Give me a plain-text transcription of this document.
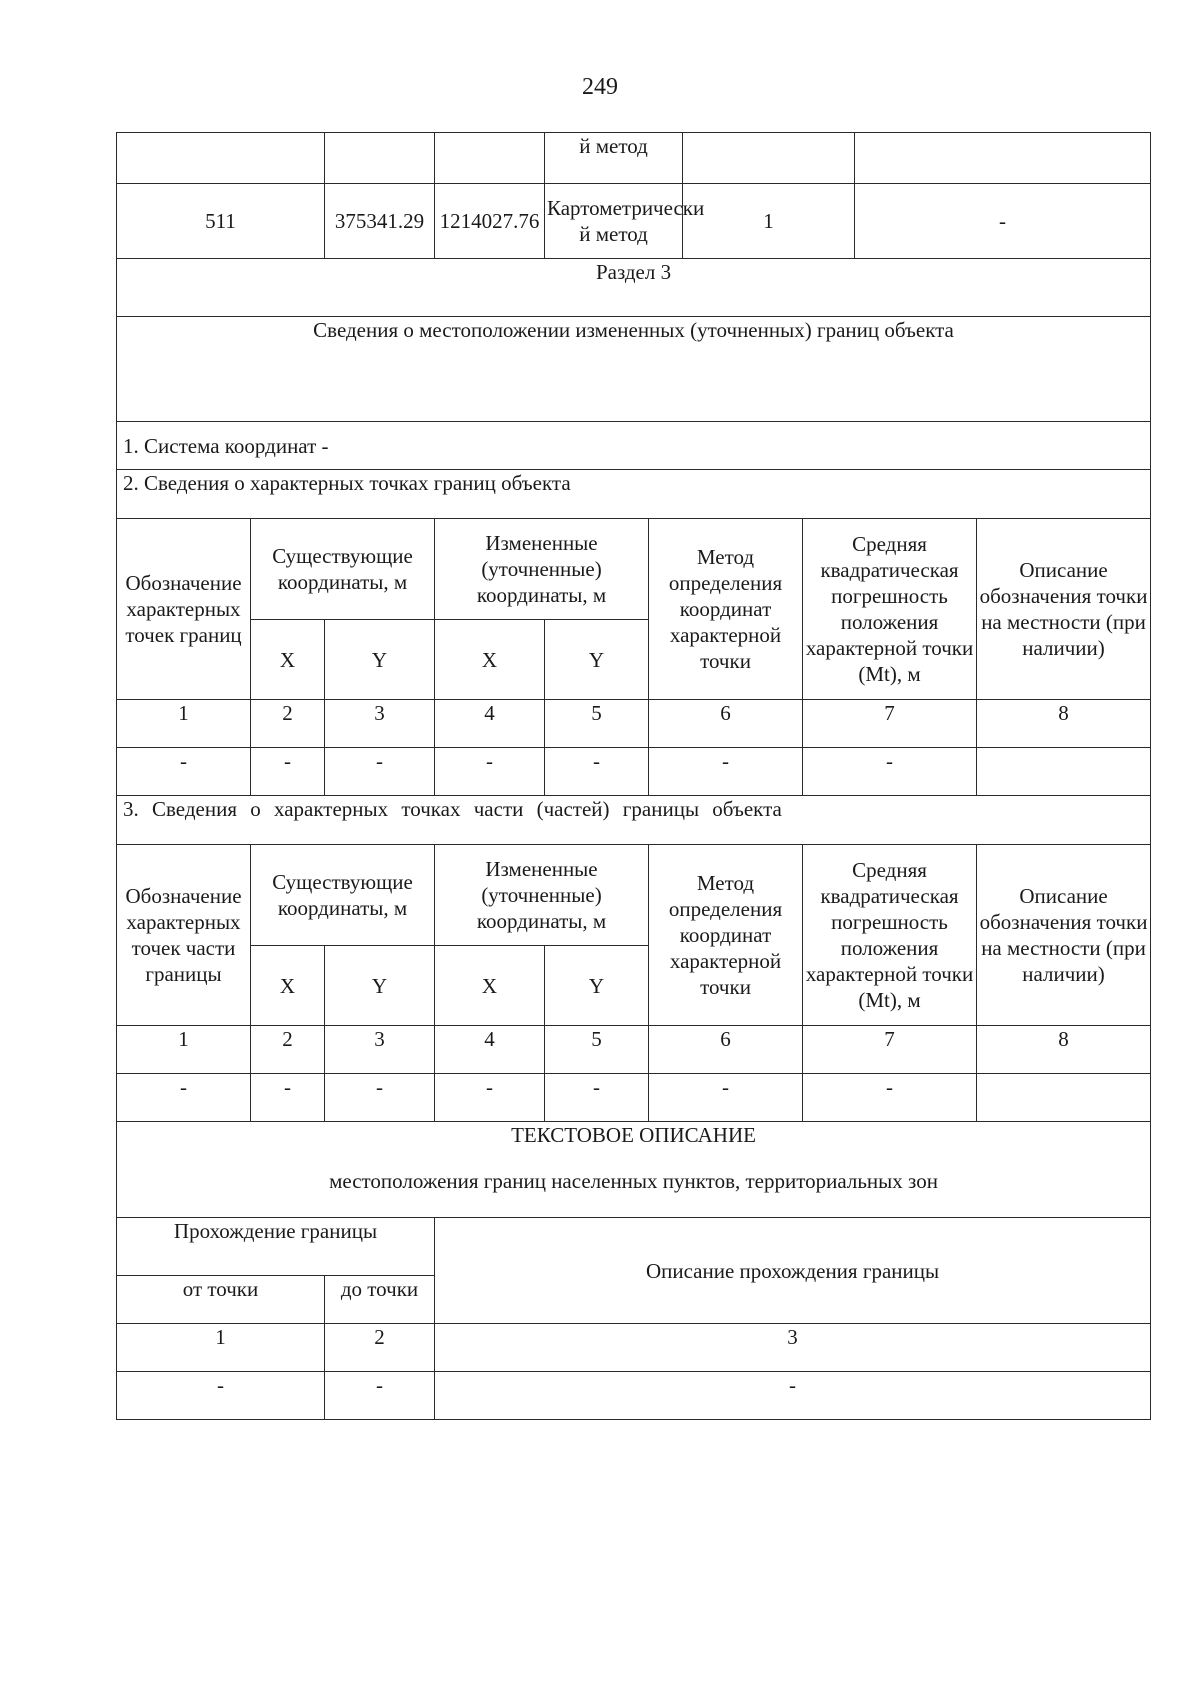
249
				й метод					
511		375341.29	1214027.76	Картометрически й метод		1		-	
Раздел 3									
Сведения о местоположении измененных (уточненных) границ объекта									
1. Система координат -									
2. Сведения о характерных точках границ объекта									
Обозначение характерных точек границ	Существующие координаты, м		Измененные (уточненные) координаты, м		Метод определения координат характерной точки		Средняя квадратическая погрешность положения характерной точки (Mt), м		Описание обозначения точки на местности (при наличии)
	X	Y	X	Y					
1	2	3	4	5	6		7		8
-	-	-	-	-	-		-		
3. Сведения о характерных точках части (частей) границы объекта									
Обозначение характерных точек части границы	Существующие координаты, м		Измененные (уточненные) координаты, м		Метод определения координат характерной точки		Средняя квадратическая погрешность положения характерной точки (Mt), м		Описание обозначения точки на местности (при наличии)
	X	Y	X	Y					
1	2	3	4	5	6		7		8
-	-	-	-	-	-		-		

ТЕКСТОВОЕ ОПИСАНИЕ
местоположения границ населенных пунктов, территориальных зон									

Прохождение границы			Описание прохождения границы						
от точки		до точки							
1		2	3						
-		-	-						
